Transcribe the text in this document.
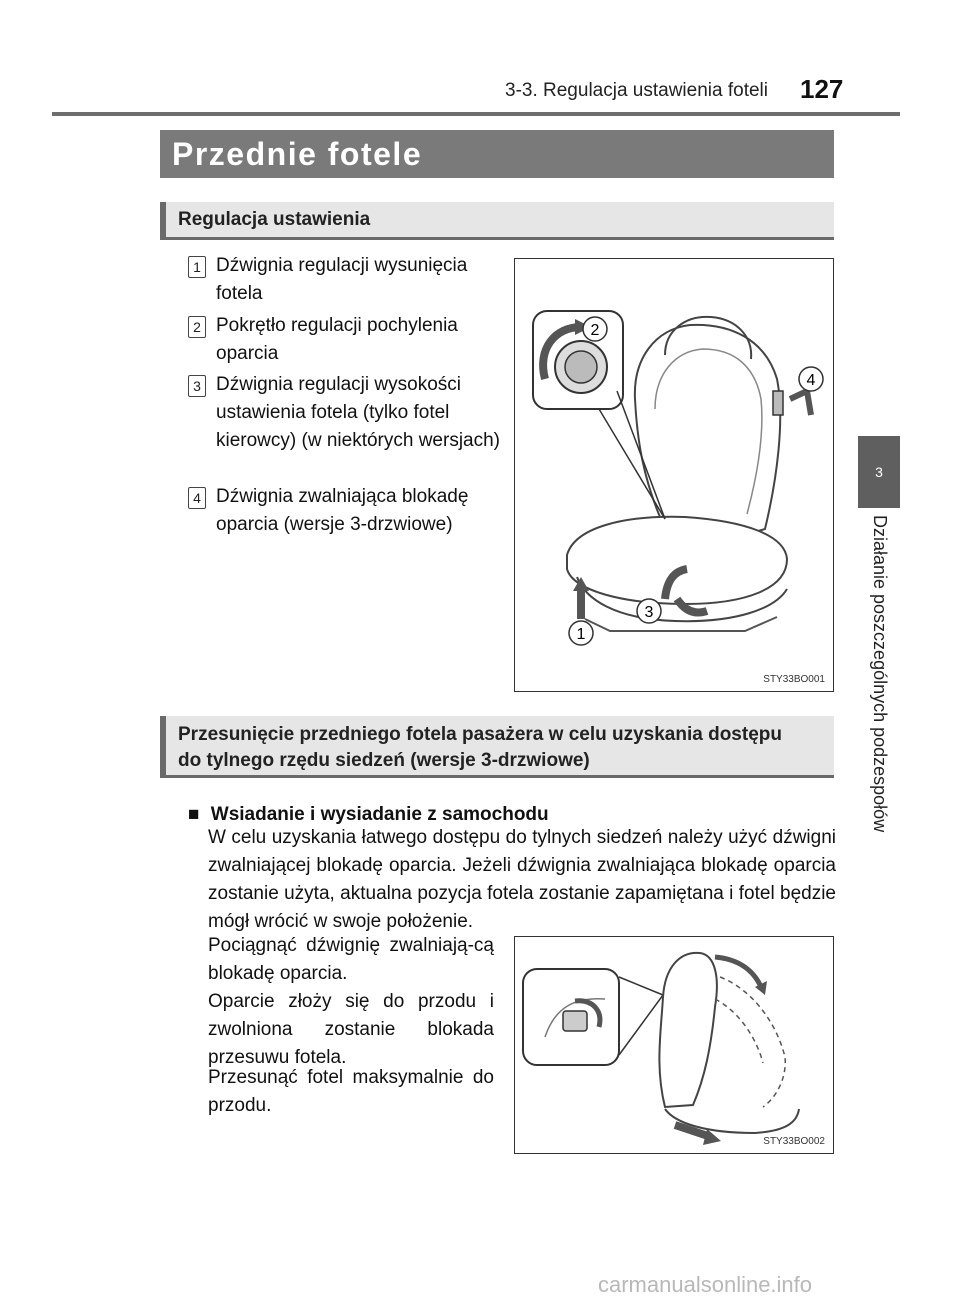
3-3. Regulacja ustawienia foteli 127
3
Działanie poszczególnych podzespołów
Przednie fotele
Regulacja ustawienia
1 Dźwignia regulacji wysunięcia fotela
2 Pokrętło regulacji pochylenia oparcia
3 Dźwignia regulacji wysokości ustawienia fotela (tylko fotel kierowcy) (w niektórych wersjach)
4 Dźwignia zwalniająca blokadę oparcia (wersje 3-drzwiowe)
2
4
3
1
STY33BO001
Przesunięcie przedniego fotela pasażera w celu uzyskania dostępu
do tylnego rzędu siedzeń (wersje 3-drzwiowe)
■ Wsiadanie i wysiadanie z samochodu
W celu uzyskania łatwego dostępu do tylnych siedzeń należy użyć dźwigni zwalniającej blokadę oparcia. Jeżeli dźwignia zwalniająca blokadę oparcia zostanie użyta, aktualna pozycja fotela zostanie zapamiętana i fotel będzie mógł wrócić w swoje położenie.
Pociągnąć dźwignię zwalniają-cą blokadę oparcia.
Oparcie złoży się do przodu i zwolniona zostanie blokada przesuwu fotela.
Przesunąć fotel maksymalnie do przodu.
STY33BO002
carmanualsonline.info
